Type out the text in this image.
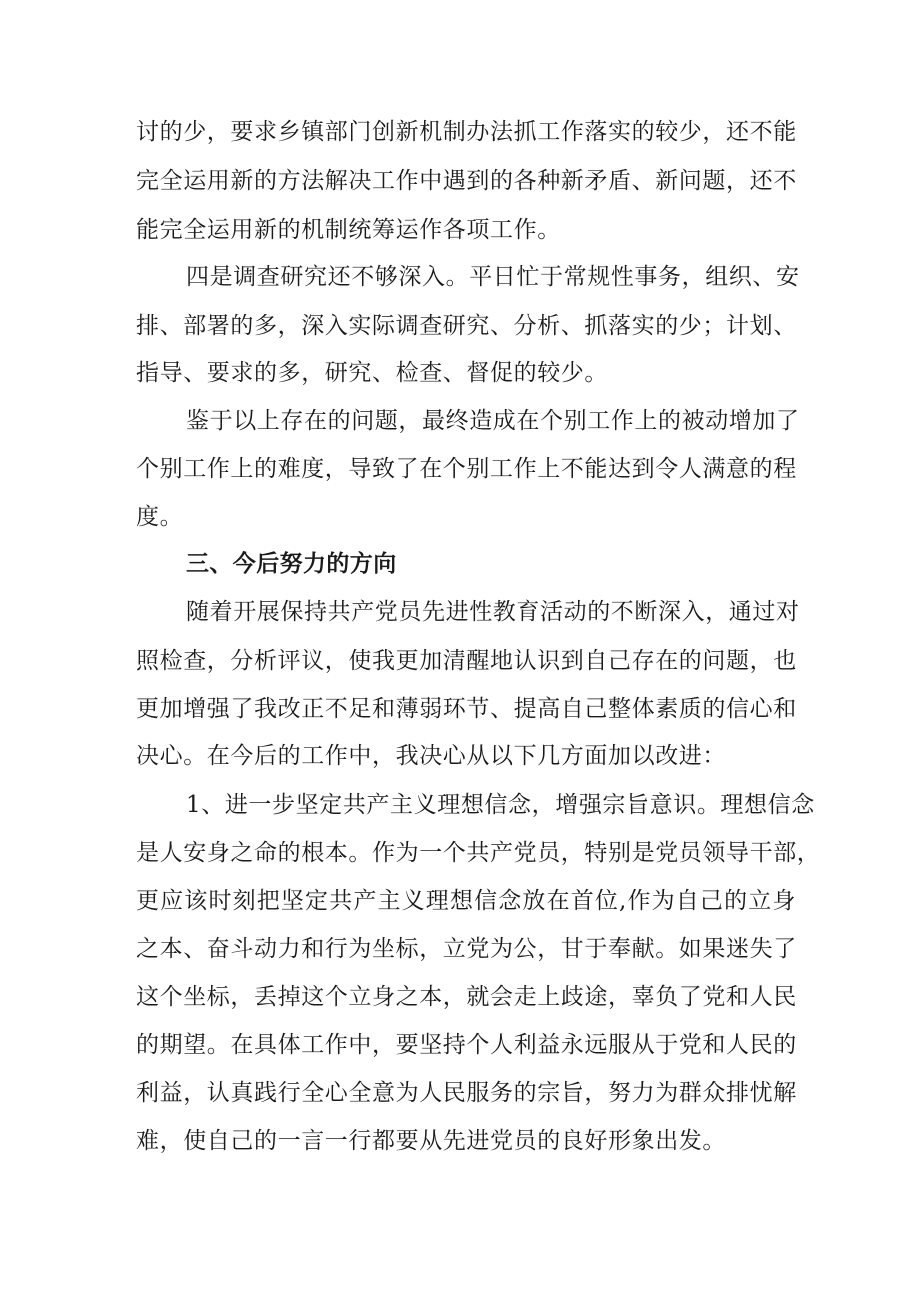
讨的少，要求乡镇部门创新机制办法抓工作落实的较少，还不能
完全运用新的方法解决工作中遇到的各种新矛盾、新问题，还不
能完全运用新的机制统筹运作各项工作。
四是调查研究还不够深入。平日忙于常规性事务，组织、安
排、部署的多，深入实际调查研究、分析、抓落实的少；计划、
指导、要求的多，研究、检查、督促的较少。
鉴于以上存在的问题，最终造成在个别工作上的被动增加了
个别工作上的难度，导致了在个别工作上不能达到令人满意的程
度。
三、今后努力的方向
随着开展保持共产党员先进性教育活动的不断深入，通过对
照检查，分析评议，使我更加清醒地认识到自己存在的问题，也
更加增强了我改正不足和薄弱环节、提高自己整体素质的信心和
决心。在今后的工作中，我决心从以下几方面加以改进：
1、进一步坚定共产主义理想信念，增强宗旨意识。理想信念
是人安身之命的根本。作为一个共产党员，特别是党员领导干部，
更应该时刻把坚定共产主义理想信念放在首位,作为自己的立身
之本、奋斗动力和行为坐标，立党为公，甘于奉献。如果迷失了
这个坐标，丢掉这个立身之本，就会走上歧途，辜负了党和人民
的期望。在具体工作中，要坚持个人利益永远服从于党和人民的
利益，认真践行全心全意为人民服务的宗旨，努力为群众排忧解
难，使自己的一言一行都要从先进党员的良好形象出发。
